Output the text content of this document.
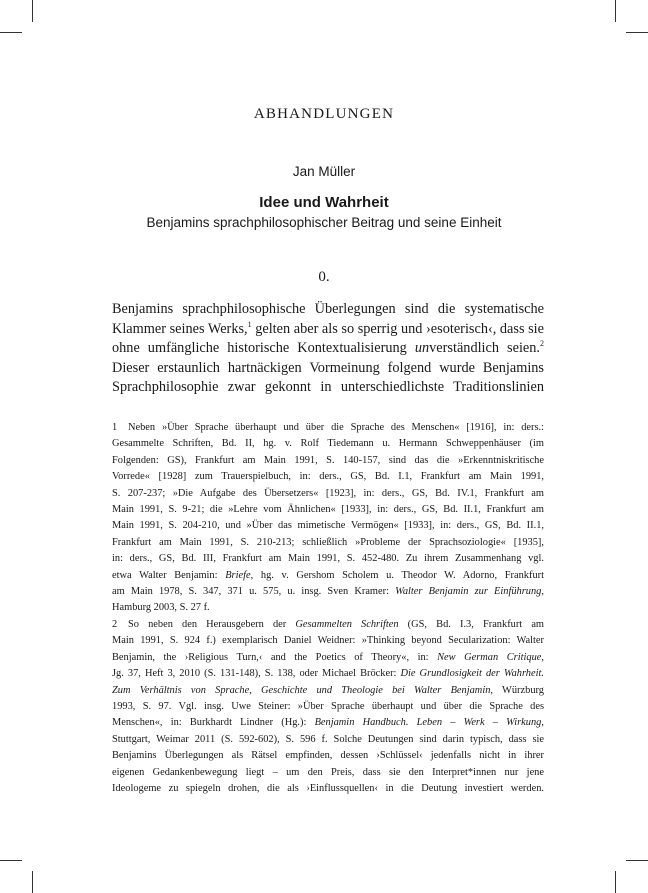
ABHANDLUNGEN
Jan Müller
Idee und Wahrheit
Benjamins sprachphilosophischer Beitrag und seine Einheit
0.
Benjamins sprachphilosophische Überlegungen sind die systematische
Klammer seines Werks,$^1$ gelten aber als so sperrig und ›esoterisch‹, dass sie
ohne umfängliche historische Kontextualisierung unverständlich seien.$^2$
Dieser erstaunlich hartnäckigen Vormeinung folgend wurde Benjamins
Sprachphilosophie zwar gekonnt in unterschiedlichste Traditionslinien
1 Neben »Über Sprache überhaupt und über die Sprache des Menschen« [1916], in: ders.:
Gesammelte Schriften, Bd. II, hg. v. Rolf Tiedemann u. Hermann Schweppenhäuser (im
Folgenden: GS), Frankfurt am Main 1991, S. 140-157, sind das die »Erkenntniskritische
Vorrede« [1928] zum Trauerspielbuch, in: ders., GS, Bd. I.1, Frankfurt am Main 1991,
S. 207-237; »Die Aufgabe des Übersetzers« [1923], in: ders., GS, Bd. IV.1, Frankfurt am
Main 1991, S. 9-21; die »Lehre vom Ähnlichen« [1933], in: ders., GS, Bd. II.1, Frankfurt am
Main 1991, S. 204-210, und »Über das mimetische Vermögen« [1933], in: ders., GS, Bd. II.1,
Frankfurt am Main 1991, S. 210-213; schließlich »Probleme der Sprachsoziologie« [1935],
in: ders., GS, Bd. III, Frankfurt am Main 1991, S. 452-480. Zu ihrem Zusammenhang vgl.
etwa Walter Benjamin: Briefe, hg. v. Gershom Scholem u. Theodor W. Adorno, Frankfurt
am Main 1978, S. 347, 371 u. 575, u. insg. Sven Kramer: Walter Benjamin zur Einführung,
Hamburg 2003, S. 27 f.
2 So neben den Herausgebern der Gesammelten Schriften (GS, Bd. I.3, Frankfurt am
Main 1991, S. 924 f.) exemplarisch Daniel Weidner: »Thinking beyond Secularization: Walter
Benjamin, the ›Religious Turn,‹ and the Poetics of Theory«, in: New German Critique,
Jg. 37, Heft 3, 2010 (S. 131-148), S. 138, oder Michael Bröcker: Die Grundlosigkeit der Wahrheit.
Zum Verhältnis von Sprache, Geschichte und Theologie bei Walter Benjamin, Würzburg
1993, S. 97. Vgl. insg. Uwe Steiner: »Über Sprache überhaupt und über die Sprache des
Menschen«, in: Burkhardt Lindner (Hg.): Benjamin Handbuch. Leben – Werk – Wirkung,
Stuttgart, Weimar 2011 (S. 592-602), S. 596 f. Solche Deutungen sind darin typisch, dass sie
Benjamins Überlegungen als Rätsel empfinden, dessen ›Schlüssel‹ jedenfalls nicht in ihrer
eigenen Gedankenbewegung liegt – um den Preis, dass sie den Interpret*innen nur jene
Ideologeme zu spiegeln drohen, die als ›Einflussquellen‹ in die Deutung investiert werden.
